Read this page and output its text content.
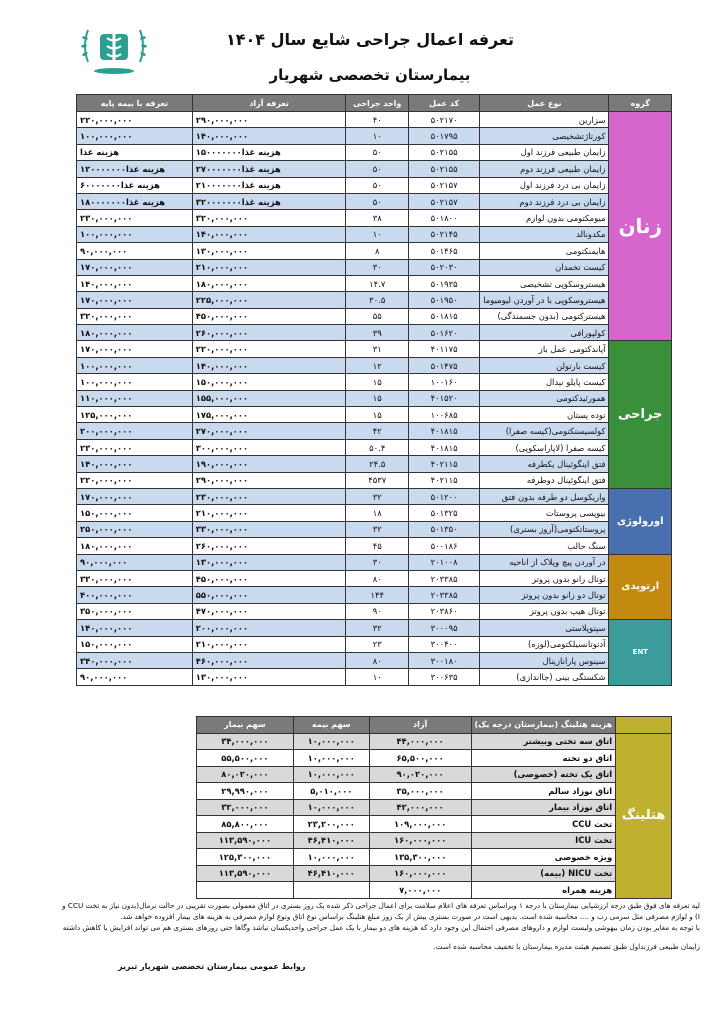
تعرفه اعمال جراحی شایع سال ۱۴۰۴
بیمارستان تخصصی شهریار
گروه	نوع عمل	کد عمل	واحد جراحی	تعرفه آزاد	تعرفه با بیمه پایه
زنان	سزارین	۵۰۲۱۷۰	۴۰	۲۹۰,۰۰۰,۰۰۰	۲۲۰,۰۰۰,۰۰۰
	کورتاژتشخیصی	۵۰۱۷۹۵	۱۰	۱۴۰,۰۰۰,۰۰۰	۱۰۰,۰۰۰,۰۰۰
	زایمان طبیعی فرزند اول	۵۰۲۱۵۵	۵۰	هزینه غذا۱۵۰۰۰۰۰۰۰	هزینه غذا
	زایمان طبیعی فرزند دوم	۵۰۲۱۵۵	۵۰	هزینه غذا۲۷۰۰۰۰۰۰۰	هزینه غذا۱۲۰۰۰۰۰۰۰
	زایمان بی درد فرزند اول	۵۰۲۱۵۷	۵۰	هزینه غذا۲۱۰۰۰۰۰۰۰	هزینه غذا۶۰۰۰۰۰۰۰
	زایمان بی درد فرزند دوم	۵۰۲۱۵۷	۵۰	هزینه غذا۳۲۰۰۰۰۰۰۰	هزینه غذا۱۸۰۰۰۰۰۰۰
	میومکتومی بدون لوازم	۵۰۱۸۰۰	۳۸	۳۲۰,۰۰۰,۰۰۰	۲۳۰,۰۰۰,۰۰۰
	مکدونالد	۵۰۲۱۴۵	۱۰	۱۴۰,۰۰۰,۰۰۰	۱۰۰,۰۰۰,۰۰۰
	هایمنکتومی	۵۰۱۴۶۵	۸	۱۳۰,۰۰۰,۰۰۰	۹۰,۰۰۰,۰۰۰
	کیست تخمدان	۵۰۲۰۳۰	۳۰	۲۱۰,۰۰۰,۰۰۰	۱۷۰,۰۰۰,۰۰۰
	هیستروسکوپی تشخیصی	۵۰۱۹۳۵	۱۴.۷	۱۸۰,۰۰۰,۰۰۰	۱۴۰,۰۰۰,۰۰۰
	هیستروسکوپی با در آوردن لیومیوما	۵۰۱۹۵۰	۳۰.۵	۲۲۵,۰۰۰,۰۰۰	۱۷۰,۰۰۰,۰۰۰
	هیسترکتومی (بدون جسمندگی)	۵۰۱۸۱۵	۵۵	۴۵۰,۰۰۰,۰۰۰	۳۲۰,۰۰۰,۰۰۰
	کولپورافی	۵۰۱۶۲۰	۳۹	۲۶۰,۰۰۰,۰۰۰	۱۸۰,۰۰۰,۰۰۰
جراحی	آپاندکتومی عمل باز	۴۰۱۱۷۵	۳۱	۲۲۰,۰۰۰,۰۰۰	۱۷۰,۰۰۰,۰۰۰
	کیست بارتولن	۵۰۱۴۷۵	۱۲	۱۴۰,۰۰۰,۰۰۰	۱۰۰,۰۰۰,۰۰۰
	کیست پایلو نیدال	۱۰۰۱۶۰	۱۵	۱۵۰,۰۰۰,۰۰۰	۱۰۰,۰۰۰,۰۰۰
	همورئیدکتومی	۴۰۱۵۲۰	۱۵	۱۵۵,۰۰۰,۰۰۰	۱۱۰,۰۰۰,۰۰۰
	توده پستان	۱۰۰۶۸۵	۱۵	۱۷۵,۰۰۰,۰۰۰	۱۲۵,۰۰۰,۰۰۰
	کولسیستکتومی(کیسه صفرا)	۴۰۱۸۱۵	۴۲	۲۷۰,۰۰۰,۰۰۰	۲۰۰,۰۰۰,۰۰۰
	کیسه صفرا (لاپاراسکوپی)	۴۰۱۸۱۵	۵۰.۴	۳۰۰,۰۰۰,۰۰۰	۲۳۰,۰۰۰,۰۰۰
	فتق اینگوئینال یکطرفه	۴۰۲۱۱۵	۲۴.۵	۱۹۰,۰۰۰,۰۰۰	۱۴۰,۰۰۰,۰۰۰
	فتق اینگوئینال دوطرفه	۴۰۲۱۱۵	۴۵۳۷	۲۹۰,۰۰۰,۰۰۰	۲۲۰,۰۰۰,۰۰۰
اورولوژی	واریکوسل دو طرفه بدون فتق	۵۰۱۲۰۰	۳۲	۲۳۰,۰۰۰,۰۰۰	۱۷۰,۰۰۰,۰۰۰
	بیوپسی پروستات	۵۰۱۳۲۵	۱۸	۲۱۰,۰۰۰,۰۰۰	۱۵۰,۰۰۰,۰۰۰
	پروستاتکتومی(آروز بستری)	۵۰۱۳۵۰	۳۲	۳۳۰,۰۰۰,۰۰۰	۲۵۰,۰۰۰,۰۰۰
	سنگ حالب	۵۰۰۱۸۶	۴۵	۲۶۰,۰۰۰,۰۰۰	۱۸۰,۰۰۰,۰۰۰
ارتوپدی	در آوردن پیچ وپلاک از اناحیه	۲۰۱۰۰۸	۳۰	۱۳۰,۰۰۰,۰۰۰	۹۰,۰۰۰,۰۰۰
	توتال زانو بدون پروتز	۲۰۳۳۸۵	۸۰	۴۵۰,۰۰۰,۰۰۰	۳۳۰,۰۰۰,۰۰۰
	توتال دو زانو بدون پروتز	۲۰۳۳۸۵	۱۴۴	۵۵۰,۰۰۰,۰۰۰	۴۰۰,۰۰۰,۰۰۰
	توتال هیپ بدون پروتز	۲۰۳۸۶۰	۹۰	۴۷۰,۰۰۰,۰۰۰	۳۵۰,۰۰۰,۰۰۰
ENT	سپتوپلاستی	۳۰۰۰۹۵	۳۲	۲۰۰,۰۰۰,۰۰۰	۱۴۰,۰۰۰,۰۰۰
	آدنوتانسیلکتومی(لوزه)	۳۰۰۴۰۰	۲۳	۲۱۰,۰۰۰,۰۰۰	۱۵۰,۰۰۰,۰۰۰
	سینوس پارانازینال	۳۰۰۱۸۰	۸۰	۴۶۰,۰۰۰,۰۰۰	۳۴۰,۰۰۰,۰۰۰
	شکستگی بینی (جااندازی)	۳۰۰۶۳۵	۱۰	۱۳۰,۰۰۰,۰۰۰	۹۰,۰۰۰,۰۰۰
	هزینه هتلینگ (بیمارستان درجه یک)	آزاد	سهم بیمه	سهم بیمار
هتلینگ	اتاق سه تختی وبیشتر	۴۴,۰۰۰,۰۰۰	۱۰,۰۰۰,۰۰۰	۳۴,۰۰۰,۰۰۰
	اتاق دو تخته	۶۵,۵۰۰,۰۰۰	۱۰,۰۰۰,۰۰۰	۵۵,۵۰۰,۰۰۰
	اتاق یک تخته (خصوصی)	۹۰,۰۲۰,۰۰۰	۱۰,۰۰۰,۰۰۰	۸۰,۰۲۰,۰۰۰
	اتاق نوزاد سالم	۳۵,۰۰۰,۰۰۰	۵,۰۱۰,۰۰۰	۲۹,۹۹۰,۰۰۰
	اتاق نوزاد بیمار	۴۲,۰۰۰,۰۰۰	۱۰,۰۰۰,۰۰۰	۳۲,۰۰۰,۰۰۰
	تخت CCU	۱۰۹,۰۰۰,۰۰۰	۲۳,۲۰۰,۰۰۰	۸۵,۸۰۰,۰۰۰
	تخت ICU	۱۶۰,۰۰۰,۰۰۰	۴۶,۴۱۰,۰۰۰	۱۱۳,۵۹۰,۰۰۰
	ویژه خصوصی	۱۳۵,۳۰۰,۰۰۰	۱۰,۰۰۰,۰۰۰	۱۲۵,۳۰۰,۰۰۰
	تخت NICU (بیمه)	۱۶۰,۰۰۰,۰۰۰	۴۶,۴۱۰,۰۰۰	۱۱۳,۵۹۰,۰۰۰
	هزینه همراه	۷,۰۰۰,۰۰۰		

لیه تعرفه های فوق طبق درجه ارزشیابی بیمارستان با درجه ۱ وبراساس تعرفه های اعلام سلامت برای اعمال جراحی ذکر شده یک روز بستری در اتاق معمولی بصورت تقریبی در حالت نرمال(بدون نیاز به تخت CCU و

I) و لوازم مصرفی مثل سرمی رب و .... محاسبه شده است. بدیهی است در صورت بستری بیش از یک روز مبلغ هتلینگ براساس نوع اتاق ونوع لوازم مصرفی به هزینه های بیمار افزوده خواهد شد.

با توجه به مغایر بودن زمان بیهوشی ولیست لوازم و داروهای مصرفی احتمال این وجود دارد که هزینه های دو بیمار با یک عمل جراحی واحدیکسان نباشد وگاها حتی روزهای بستری هم می تواند افزایش یا کاهش داشته

زایمان طبیعی فرزنداول طبق تصمیم هیئت مدیره بیمارستان با تخفیف محاسبه شده است.

روابط عمومی بیمارستان تخصصی شهریار تبریز
